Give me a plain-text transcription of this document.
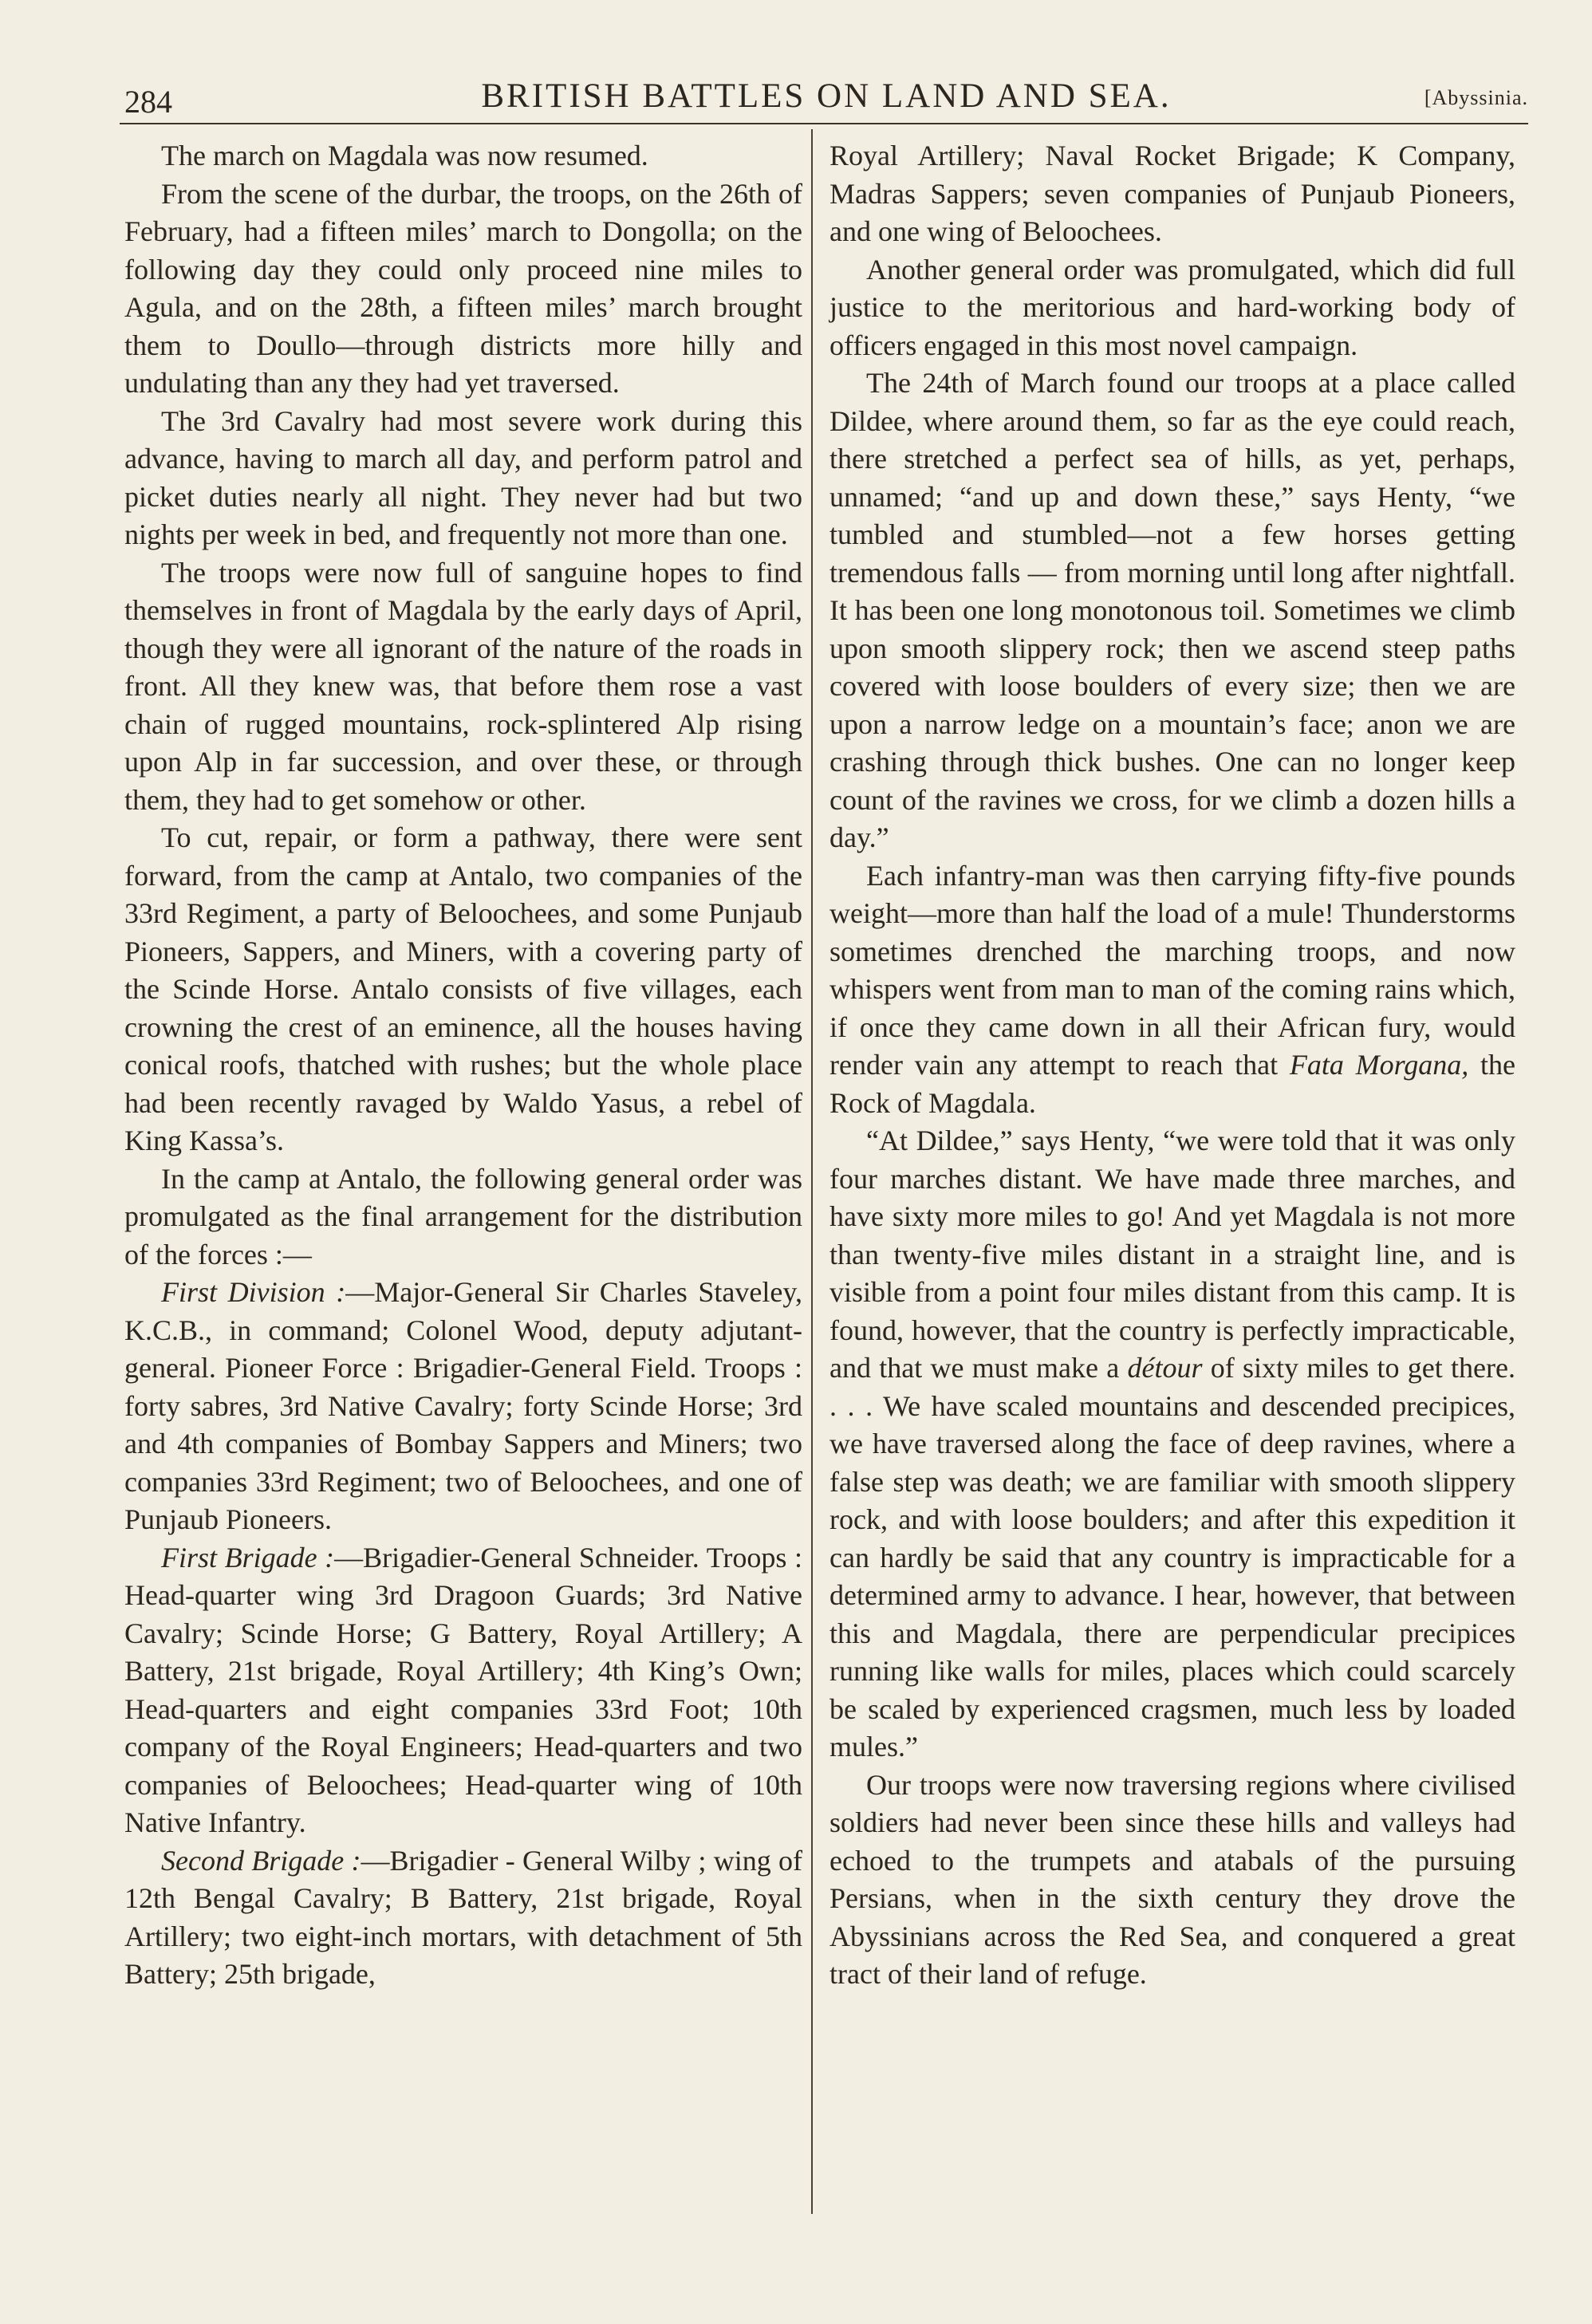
284	BRITISH BATTLES ON LAND AND SEA.	[Abyssinia.

The march on Magdala was now resumed.

From the scene of the durbar, the troops, on the 26th of February, had a fifteen miles’ march to Dongolla; on the following day they could only proceed nine miles to Agula, and on the 28th, a fifteen miles’ march brought them to Doullo—through districts more hilly and undulating than any they had yet traversed.

The 3rd Cavalry had most severe work during this advance, having to march all day, and perform patrol and picket duties nearly all night. They never had but two nights per week in bed, and frequently not more than one.

The troops were now full of sanguine hopes to find themselves in front of Magdala by the early days of April, though they were all ignorant of the nature of the roads in front. All they knew was, that before them rose a vast chain of rugged mountains, rock-splintered Alp rising upon Alp in far succession, and over these, or through them, they had to get somehow or other.

To cut, repair, or form a pathway, there were sent forward, from the camp at Antalo, two companies of the 33rd Regiment, a party of Beloochees, and some Punjaub Pioneers, Sappers, and Miners, with a covering party of the Scinde Horse. Antalo consists of five villages, each crowning the crest of an eminence, all the houses having conical roofs, thatched with rushes; but the whole place had been recently ravaged by Waldo Yasus, a rebel of King Kassa’s.

In the camp at Antalo, the following general order was promulgated as the final arrangement for the distribution of the forces :—

First Division :—Major-General Sir Charles Staveley, K.C.B., in command; Colonel Wood, deputy adjutant-general. Pioneer Force : Brigadier-General Field. Troops : forty sabres, 3rd Native Cavalry; forty Scinde Horse; 3rd and 4th companies of Bombay Sappers and Miners; two companies 33rd Regiment; two of Beloochees, and one of Punjaub Pioneers.

First Brigade :—Brigadier-General Schneider. Troops : Head-quarter wing 3rd Dragoon Guards; 3rd Native Cavalry; Scinde Horse; G Battery, Royal Artillery; A Battery, 21st brigade, Royal Artillery; 4th King’s Own; Head-quarters and eight companies 33rd Foot; 10th company of the Royal Engineers; Head-quarters and two companies of Beloochees; Head-quarter wing of 10th Native Infantry.

Second Brigade :—Brigadier - General Wilby ; wing of 12th Bengal Cavalry; B Battery, 21st brigade, Royal Artillery; two eight-inch mortars, with detachment of 5th Battery; 25th brigade,

Royal Artillery; Naval Rocket Brigade; K Company, Madras Sappers; seven companies of Punjaub Pioneers, and one wing of Beloochees.

Another general order was promulgated, which did full justice to the meritorious and hard-working body of officers engaged in this most novel campaign.

The 24th of March found our troops at a place called Dildee, where around them, so far as the eye could reach, there stretched a perfect sea of hills, as yet, perhaps, unnamed; “and up and down these,” says Henty, “we tumbled and stumbled—not a few horses getting tremendous falls — from morning until long after nightfall. It has been one long monotonous toil. Sometimes we climb upon smooth slippery rock; then we ascend steep paths covered with loose boulders of every size; then we are upon a narrow ledge on a mountain’s face; anon we are crashing through thick bushes. One can no longer keep count of the ravines we cross, for we climb a dozen hills a day.”

Each infantry-man was then carrying fifty-five pounds weight—more than half the load of a mule! Thunderstorms sometimes drenched the marching troops, and now whispers went from man to man of the coming rains which, if once they came down in all their African fury, would render vain any attempt to reach that Fata Morgana, the Rock of Magdala.

“At Dildee,” says Henty, “we were told that it was only four marches distant. We have made three marches, and have sixty more miles to go! And yet Magdala is not more than twenty-five miles distant in a straight line, and is visible from a point four miles distant from this camp. It is found, however, that the country is perfectly impracticable, and that we must make a détour of sixty miles to get there. . . . We have scaled mountains and descended precipices, we have traversed along the face of deep ravines, where a false step was death; we are familiar with smooth slippery rock, and with loose boulders; and after this expedition it can hardly be said that any country is impracticable for a determined army to advance. I hear, however, that between this and Magdala, there are perpendicular precipices running like walls for miles, places which could scarcely be scaled by experienced cragsmen, much less by loaded mules.”

Our troops were now traversing regions where civilised soldiers had never been since these hills and valleys had echoed to the trumpets and atabals of the pursuing Persians, when in the sixth century they drove the Abyssinians across the Red Sea, and conquered a great tract of their land of refuge.
